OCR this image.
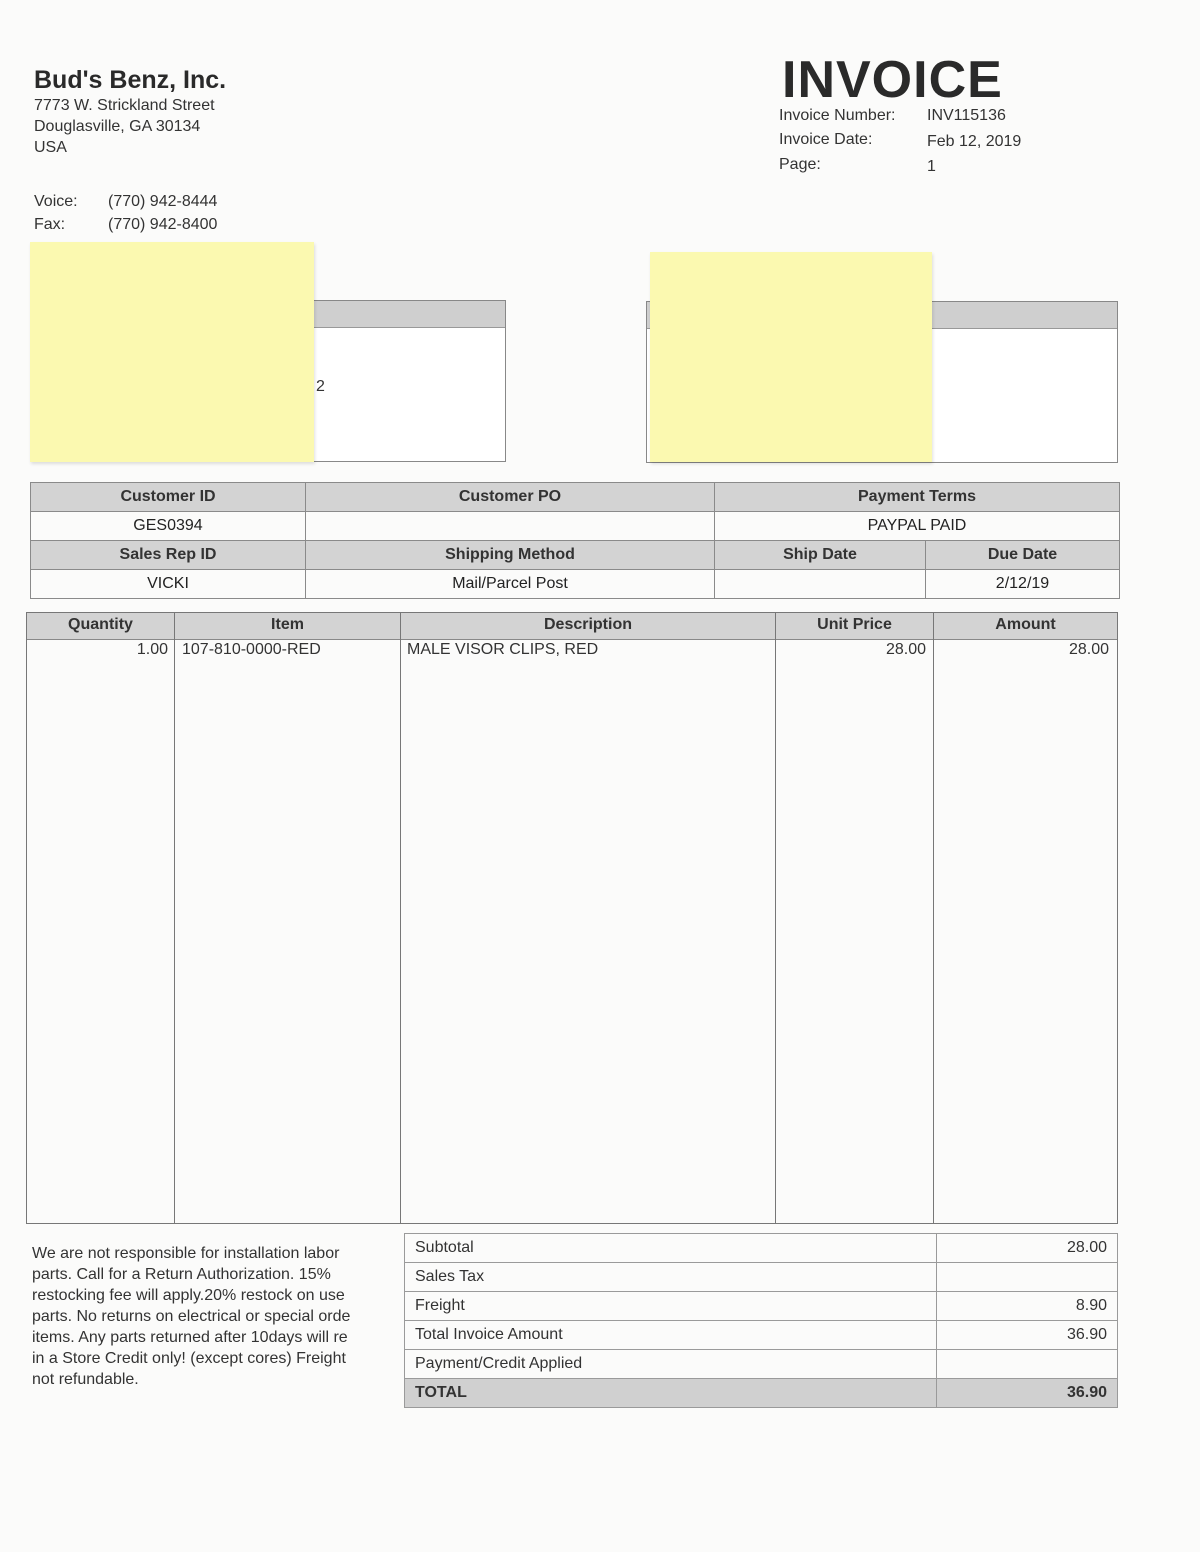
Bud's Benz, Inc.
7773 W. Strickland Street
Douglasville, GA 30134
USA
Voice: (770) 942-8444
Fax:	(770) 942-8400
INVOICE
Invoice Number: INV115136
Invoice Date:	Feb 12, 2019
Page:	1
2
Customer ID	Customer PO	Payment Terms	
GES0394		PAYPAL PAID	
Sales Rep ID	Shipping Method	Ship Date	Due Date
VICKI	Mail/Parcel Post		2/12/19
Quantity	Item	Description	Unit Price	Amount
1.00 107-810-0000-RED	MALE VISOR CLIPS, RED	28.00	28.00
We are not responsible for installation labor
parts. Call for a Return Authorization. 15%
restocking fee will apply.20% restock on use
parts. No returns on electrical or special orde
items. Any parts returned after 10days will re
in a Store Credit only! (except cores) Freight
not refundable.
Subtotal	28.00
Sales Tax	
Freight	8.90
Total Invoice Amount	36.90
Payment/Credit Applied	
TOTAL	36.90
